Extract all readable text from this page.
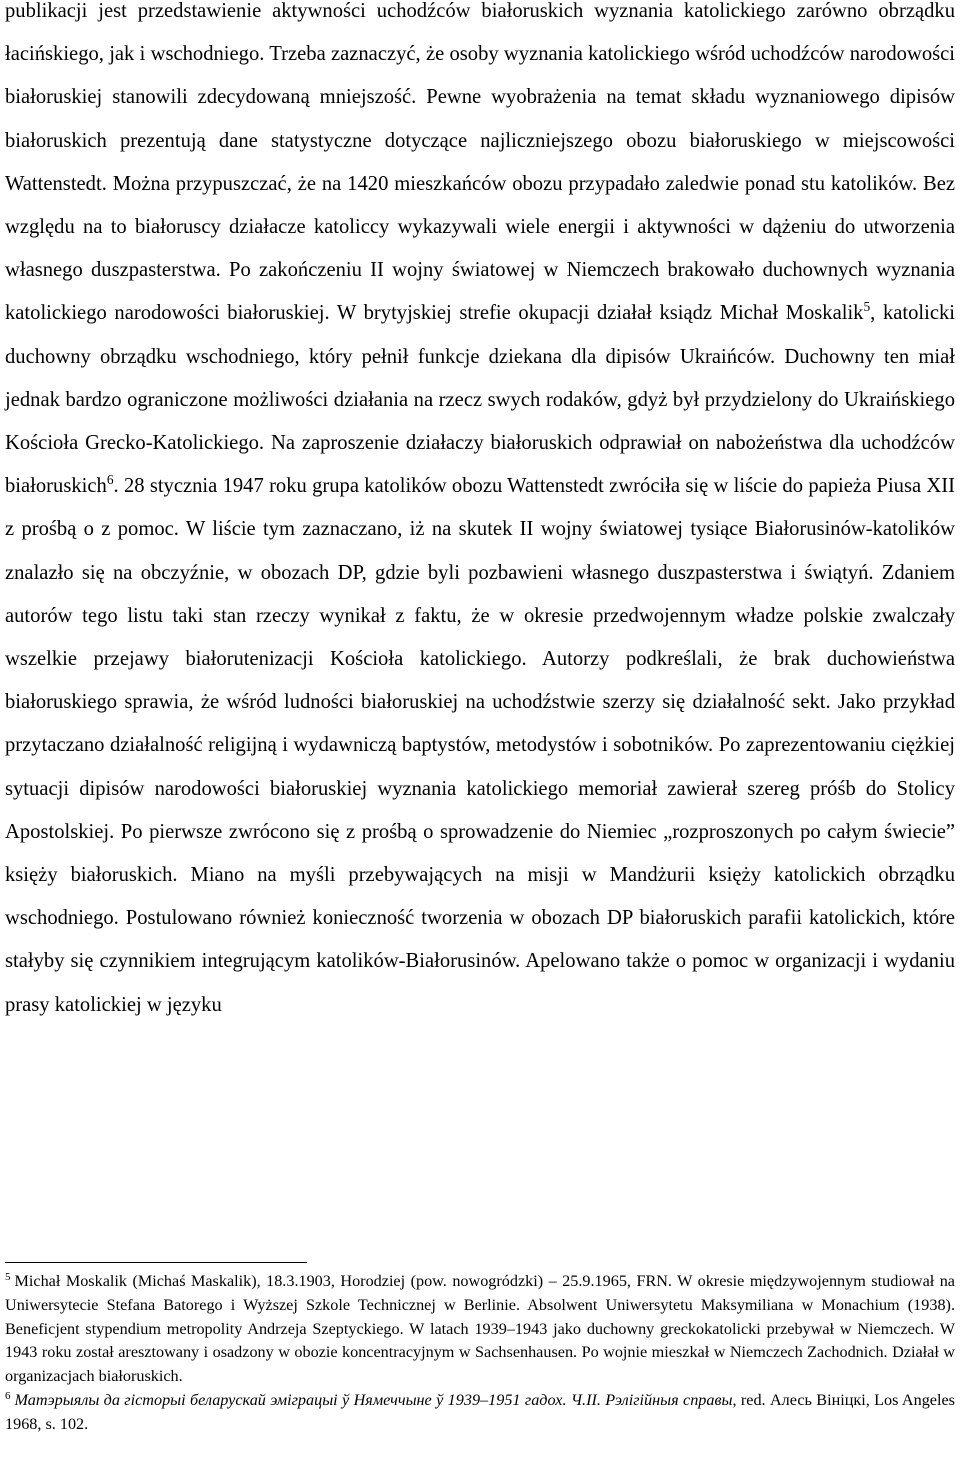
publikacji jest przedstawienie aktywności uchodźców białoruskich wyznania katolickiego zarówno obrządku łacińskiego, jak i wschodniego. Trzeba zaznaczyć, że osoby wyznania katolickiego wśród uchodźców narodowości białoruskiej stanowili zdecydowaną mniejszość. Pewne wyobrażenia na temat składu wyznaniowego dipisów białoruskich prezentują dane statystyczne dotyczące najliczniejszego obozu białoruskiego w miejscowości Wattenstedt. Można przypuszczać, że na 1420 mieszkańców obozu przypadało zaledwie ponad stu katolików. Bez względu na to białoruscy działacze katoliccy wykazywali wiele energii i aktywności w dążeniu do utworzenia własnego duszpasterstwa. Po zakończeniu II wojny światowej w Niemczech brakowało duchownych wyznania katolickiego narodowości białoruskiej. W brytyjskiej strefie okupacji działał ksiądz Michał Moskalik$^5$, katolicki duchowny obrządku wschodniego, który pełnił funkcje dziekana dla dipisów Ukraińców. Duchowny ten miał jednak bardzo ograniczone możliwości działania na rzecz swych rodaków, gdyż był przydzielony do Ukraińskiego Kościoła Grecko-Katolickiego. Na zaproszenie działaczy białoruskich odprawiał on nabożeństwa dla uchodźców białoruskich$^6$. 28 stycznia 1947 roku grupa katolików obozu Wattenstedt zwróciła się w liście do papieża Piusa XII z prośbą o z pomoc. W liście tym zaznaczano, iż na skutek II wojny światowej tysiące Białorusinów-katolików znalazło się na obczyźnie, w obozach DP, gdzie byli pozbawieni własnego duszpasterstwa i świątyń. Zdaniem autorów tego listu taki stan rzeczy wynikał z faktu, że w okresie przedwojennym władze polskie zwalczały wszelkie przejawy białorutenizacji Kościoła katolickiego. Autorzy podkreślali, że brak duchowieństwa białoruskiego sprawia, że wśród ludności białoruskiej na uchodźstwie szerzy się działalność sekt. Jako przykład przytaczano działalność religijną i wydawniczą baptystów, metodystów i sobotników. Po zaprezentowaniu ciężkiej sytuacji dipisów narodowości białoruskiej wyznania katolickiego memoriał zawierał szereg próśb do Stolicy Apostolskiej. Po pierwsze zwrócono się z prośbą o sprowadzenie do Niemiec „rozproszonych po całym świecie” księży białoruskich. Miano na myśli przebywających na misji w Mandżurii księży katolickich obrządku wschodniego. Postulowano również konieczność tworzenia w obozach DP białoruskich parafii katolickich, które stałyby się czynnikiem integrującym katolików-Białorusinów. Apelowano także o pomoc w organizacji i wydaniu prasy katolickiej w języku

$^5$ Michał Moskalik (Michaś Maskalik), 18.3.1903, Horodziej (pow. nowogródzki) – 25.9.1965, FRN. W okresie międzywojennym studiował na Uniwersytecie Stefana Batorego i Wyższej Szkole Technicznej w Berlinie. Absolwent Uniwersytetu Maksymiliana w Monachium (1938). Beneficjent stypendium metropolity Andrzeja Szeptyckiego. W latach 1939–1943 jako duchowny greckokatolicki przebywał w Niemczech. W 1943 roku został aresztowany i osadzony w obozie koncentracyjnym w Sachsenhausen. Po wojnie mieszkał w Niemczech Zachodnich. Działał w organizacjach białoruskich.

$^6$ Матэрыялы да гісторыі беларускай эміграцыі ў Нямеччыне ў 1939–1951 гадох. Ч.ІІ. Рэлігійныя справы, red. Алесь Вініцкі, Los Angeles 1968, s. 102.
